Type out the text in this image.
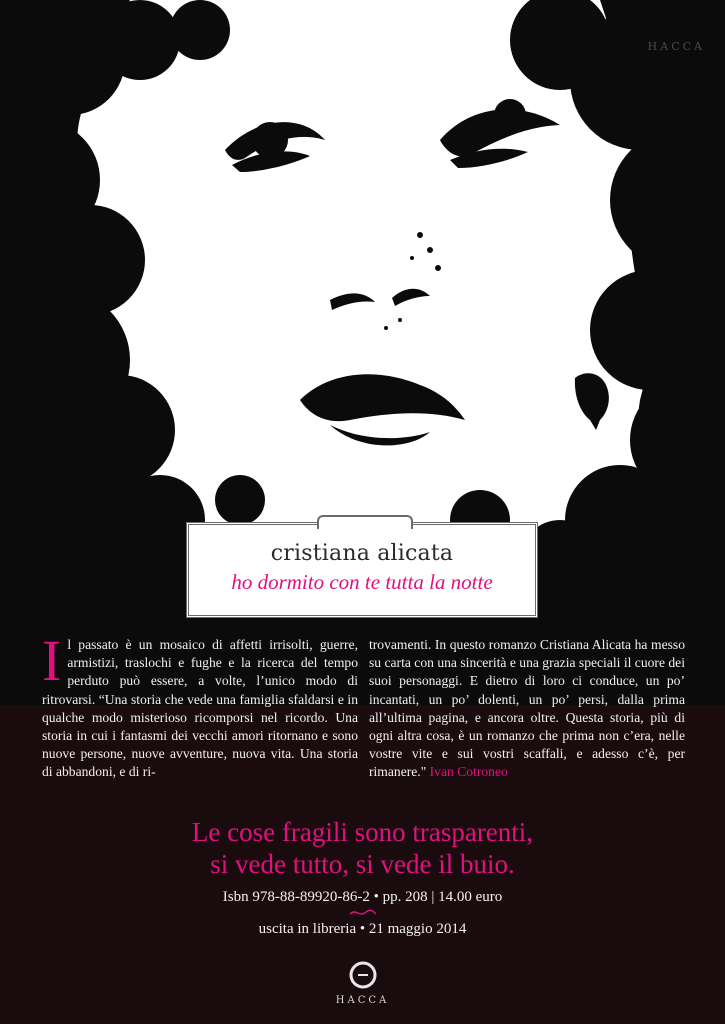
HACCA
cristiana alicata
ho dormito con te tutta la notte
Il passato è un mosaico di affetti irrisolti, guerre, armistizi, traslochi e fughe e la ricerca del tempo perduto può essere, a volte, l’unico modo di ritrovarsi. “Una storia che vede una famiglia sfaldarsi e in qualche modo misterioso ricomporsi nel ricordo. Una storia in cui i fantasmi dei vecchi amori ritornano e sono nuove persone, nuove avventure, nuova vita. Una storia di abbandoni, e di ri-
trovamenti. In questo romanzo Cristiana Alicata ha messo su carta con una sincerità e una grazia speciali il cuore dei suoi personaggi. E dietro di loro ci conduce, un po’ incantati, un po’ dolenti, un po’ persi, dalla prima all’ultima pagina, e ancora oltre. Questa storia, più di ogni altra cosa, è un romanzo che prima non c’era, nelle vostre vite e sui vostri scaffali, e adesso c’è, per rimanere." Ivan Cotroneo
Le cose fragili sono trasparenti,
si vede tutto, si vede il buio.
Isbn 978-88-89920-86-2 • pp. 208 | 14.00 euro
uscita in libreria • 21 maggio 2014
HACCA
